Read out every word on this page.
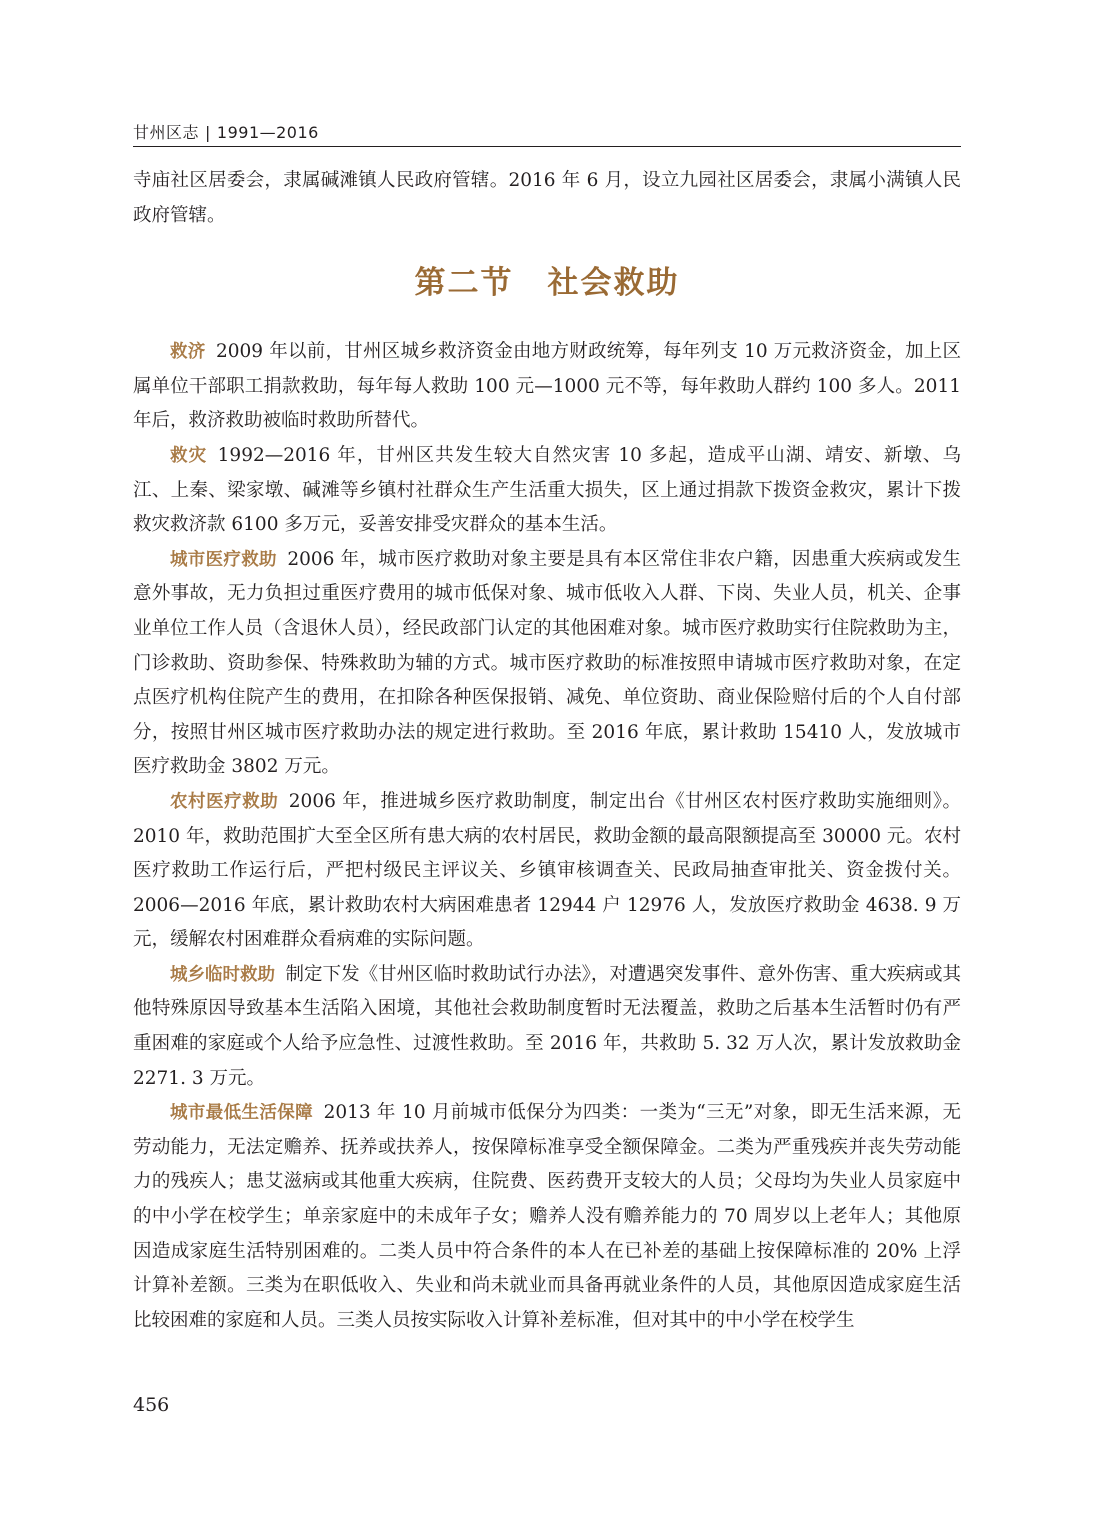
甘州区志 | 1991—2016

寺庙社区居委会，隶属碱滩镇人民政府管辖。2016 年 6 月，设立九园社区居委会，隶属小满镇人民政府管辖。

第二节 社会救助

救济 2009 年以前，甘州区城乡救济资金由地方财政统筹，每年列支 10 万元救济资金，加上区属单位干部职工捐款救助，每年每人救助 100 元—1000 元不等，每年救助人群约 100 多人。2011 年后，救济救助被临时救助所替代。

救灾 1992—2016 年，甘州区共发生较大自然灾害 10 多起，造成平山湖、靖安、新墩、乌江、上秦、梁家墩、碱滩等乡镇村社群众生产生活重大损失，区上通过捐款下拨资金救灾，累计下拨救灾救济款 6100 多万元，妥善安排受灾群众的基本生活。

城市医疗救助 2006 年，城市医疗救助对象主要是具有本区常住非农户籍，因患重大疾病或发生意外事故，无力负担过重医疗费用的城市低保对象、城市低收入人群、下岗、失业人员，机关、企事业单位工作人员（含退休人员），经民政部门认定的其他困难对象。城市医疗救助实行住院救助为主，门诊救助、资助参保、特殊救助为辅的方式。城市医疗救助的标准按照申请城市医疗救助对象，在定点医疗机构住院产生的费用，在扣除各种医保报销、减免、单位资助、商业保险赔付后的个人自付部分，按照甘州区城市医疗救助办法的规定进行救助。至 2016 年底，累计救助 15410 人，发放城市医疗救助金 3802 万元。

农村医疗救助 2006 年，推进城乡医疗救助制度，制定出台《甘州区农村医疗救助实施细则》。2010 年，救助范围扩大至全区所有患大病的农村居民，救助金额的最高限额提高至 30000 元。农村医疗救助工作运行后，严把村级民主评议关、乡镇审核调查关、民政局抽查审批关、资金拨付关。2006—2016 年底，累计救助农村大病困难患者 12944 户 12976 人，发放医疗救助金 4638. 9 万元，缓解农村困难群众看病难的实际问题。

城乡临时救助 制定下发《甘州区临时救助试行办法》，对遭遇突发事件、意外伤害、重大疾病或其他特殊原因导致基本生活陷入困境，其他社会救助制度暂时无法覆盖，救助之后基本生活暂时仍有严重困难的家庭或个人给予应急性、过渡性救助。至 2016 年，共救助 5. 32 万人次，累计发放救助金 2271. 3 万元。

城市最低生活保障 2013 年 10 月前城市低保分为四类：一类为“三无”对象，即无生活来源，无劳动能力，无法定赡养、抚养或扶养人，按保障标准享受全额保障金。二类为严重残疾并丧失劳动能力的残疾人；患艾滋病或其他重大疾病，住院费、医药费开支较大的人员；父母均为失业人员家庭中的中小学在校学生；单亲家庭中的未成年子女；赡养人没有赡养能力的 70 周岁以上老年人；其他原因造成家庭生活特别困难的。二类人员中符合条件的本人在已补差的基础上按保障标准的 20% 上浮计算补差额。三类为在职低收入、失业和尚未就业而具备再就业条件的人员，其他原因造成家庭生活比较困难的家庭和人员。三类人员按实际收入计算补差标准，但对其中的中小学在校学生

456
